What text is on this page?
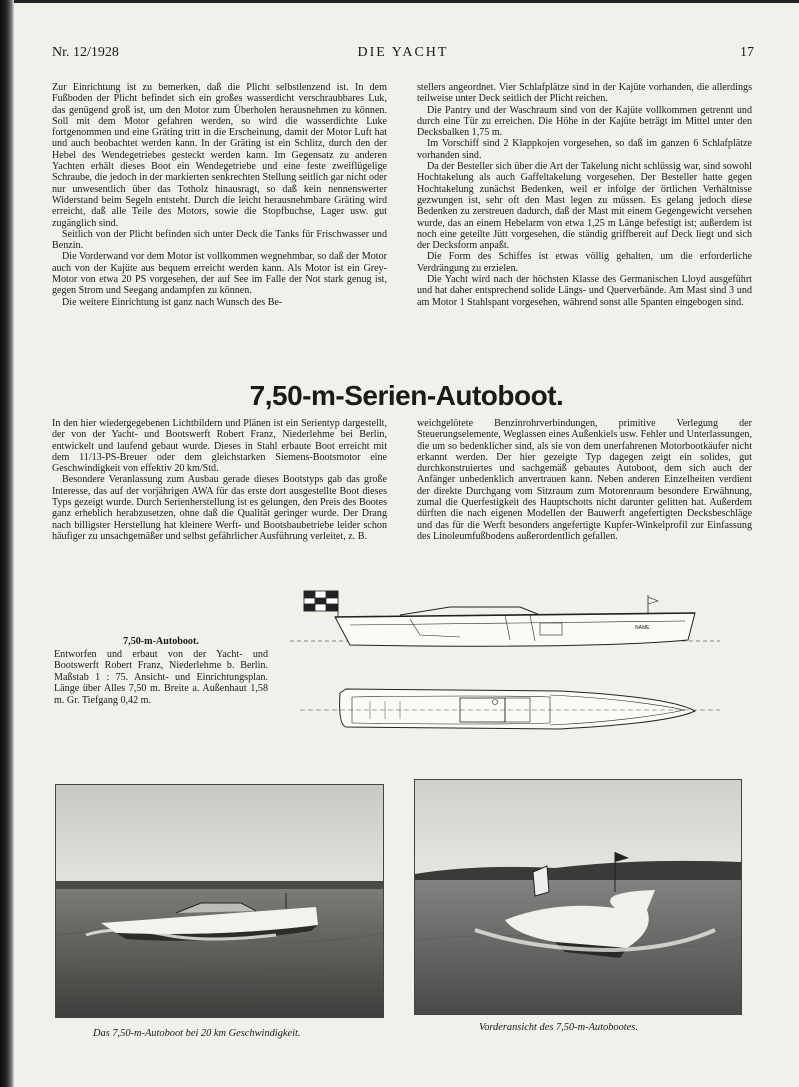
Nr. 12/1928	DIE YACHT	17

Zur Einrichtung ist zu bemerken, daß die Plicht selbstlenzend ist. In dem Fußboden der Plicht befindet sich ein großes wasserdicht verschraubbares Luk, das genügend groß ist, um den Motor zum Überholen herausnehmen zu können. Soll mit dem Motor gefahren werden, so wird die wasserdichte Luke fortgenommen und eine Gräting tritt in die Erscheinung, damit der Motor Luft hat und auch beobachtet werden kann. In der Gräting ist ein Schlitz, durch den der Hebel des Wendegetriebes gesteckt werden kann. Im Gegensatz zu anderen Yachten erhält dieses Boot ein Wendegetriebe und eine feste zweiflügelige Schraube, die jedoch in der markierten senkrechten Stellung seitlich gar nicht oder nur unwesentlich über das Totholz hinausragt, so daß kein nennenswerter Widerstand beim Segeln entsteht. Durch die leicht herausnehmbare Gräting wird erreicht, daß alle Teile des Motors, sowie die Stopfbuchse, Lager usw. gut zugänglich sind.

Seitlich von der Plicht befinden sich unter Deck die Tanks für Frischwasser und Benzin.

Die Vorderwand vor dem Motor ist vollkommen wegnehmbar, so daß der Motor auch von der Kajüte aus bequem erreicht werden kann. Als Motor ist ein Grey-Motor von etwa 20 PS vorgesehen, der auf See im Falle der Not stark genug ist, gegen Strom und Seegang andampfen zu können.

Die weitere Einrichtung ist ganz nach Wunsch des Be-

stellers angeordnet. Vier Schlafplätze sind in der Kajüte vorhanden, die allerdings teilweise unter Deck seitlich der Plicht reichen.

Die Pantry und der Waschraum sind von der Kajüte vollkommen getrennt und durch eine Tür zu erreichen. Die Höhe in der Kajüte beträgt im Mittel unter den Decksbalken 1,75 m.

Im Vorschiff sind 2 Klappkojen vorgesehen, so daß im ganzen 6 Schlafplätze vorhanden sind.

Da der Besteller sich über die Art der Takelung nicht schlüssig war, sind sowohl Hochtakelung als auch Gaffeltakelung vorgesehen. Der Besteller hatte gegen Hochtakelung zunächst Bedenken, weil er infolge der örtlichen Verhältnisse gezwungen ist, sehr oft den Mast legen zu müssen. Es gelang jedoch diese Bedenken zu zerstreuen dadurch, daß der Mast mit einem Gegengewicht versehen wurde, das an einem Hebelarm von etwa 1,25 m Länge befestigt ist; außerdem ist noch eine geteilte Jütt vorgesehen, die ständig griffbereit auf Deck liegt und sich der Decksform anpaßt.

Die Form des Schiffes ist etwas völlig gehalten, um die erforderliche Verdrängung zu erzielen.

Die Yacht wird nach der höchsten Klasse des Germanischen Lloyd ausgeführt und hat daher entsprechend solide Längs- und Querverbände. Am Mast sind 3 und am Motor 1 Stahlspant vorgesehen, während sonst alle Spanten eingebogen sind.

7,50-m-Serien-Autoboot.

In den hier wiedergegebenen Lichtbildern und Plänen ist ein Serientyp dargestellt, der von der Yacht- und Bootswerft Robert Franz, Niederlehme bei Berlin, entwickelt und laufend gebaut wurde. Dieses in Stahl erbaute Boot erreicht mit dem 11/13-PS-Breuer oder dem gleichstarken Siemens-Bootsmotor eine Geschwindigkeit von effektiv 20 km/Std.

Besondere Veranlassung zum Ausbau gerade dieses Bootstyps gab das große Interesse, das auf der vorjährigen AWA für das erste dort ausgestellte Boot dieses Typs gezeigt wurde. Durch Serienherstellung ist es gelungen, den Preis des Bootes ganz erheblich herabzusetzen, ohne daß die Qualität geringer wurde. Der Drang nach billigster Herstellung hat kleinere Werft- und Bootsbaubetriebe leider schon häufiger zu unsachgemäßer und selbst gefährlicher Ausführung verleitet, z. B.

weichgelötete Benzinrohrverbindungen, primitive Verlegung der Steuerungselemente, Weglassen eines Außenkiels usw. Fehler und Unterlassungen, die um so bedenklicher sind, als sie von dem unerfahrenen Motorbootkäufer nicht erkannt werden. Der hier gezeigte Typ dagegen zeigt ein solides, gut durchkonstruiertes und sachgemäß gebautes Autoboot, dem sich auch der Anfänger unbedenklich anvertrauen kann. Neben anderen Einzelheiten verdient der direkte Durchgang vom Sitzraum zum Motorenraum besondere Erwähnung, zumal die Querfestigkeit des Hauptschotts nicht darunter gelitten hat. Außerdem dürften die nach eigenen Modellen der Bauwerft angefertigten Decksbeschläge und das für die Werft besonders angefertigte Kupfer-Winkelprofil zur Einfassung des Linoleumfußbodens außerordentlich gefallen.

7,50-m-Autoboot.
Entworfen und erbaut von der Yacht- und Bootswerft Robert Franz, Niederlehme b. Berlin. Maßstab 1 : 75. Ansicht- und Einrichtungsplan. Länge über Alles 7,50 m. Breite a. Außenhaut 1,58 m. Gr. Tiefgang 0,42 m.
NAME
Das 7,50-m-Autoboot bei 20 km Geschwindigkeit.
Vorderansicht des 7,50-m-Autobootes.
